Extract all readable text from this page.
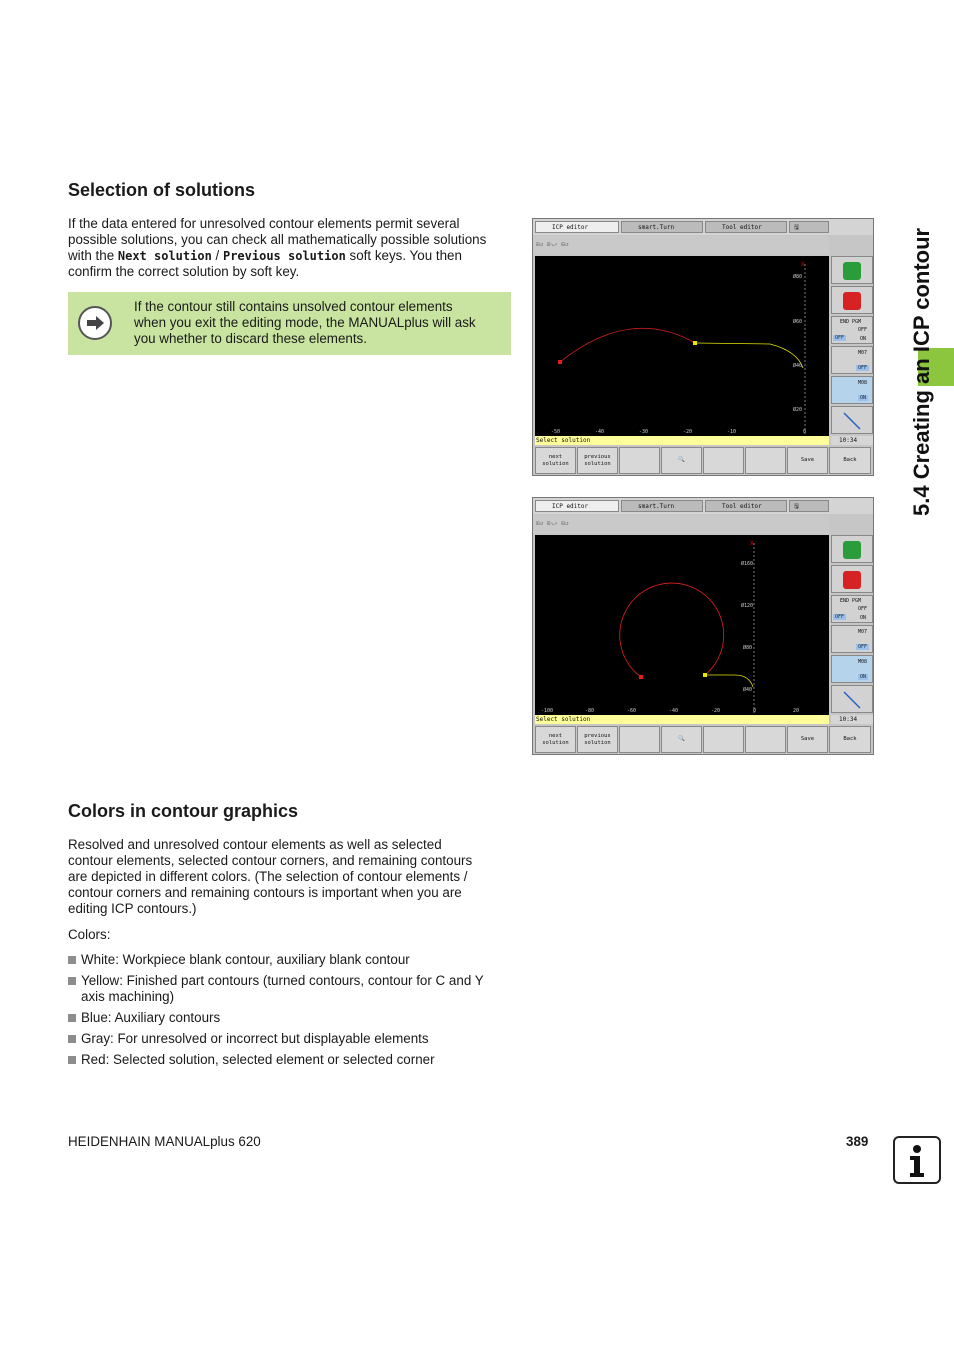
Selection of solutions
If the data entered for unresolved contour elements permit several
possible solutions, you can check all mathematically possible solutions
with the Next solution / Previous solution soft keys. You then
confirm the correct solution by soft key.
If the contour still contains unsolved contour elements
when you exit the editing mode, the MANUALplus will ask
you whether to discard these elements.
ICP editor	smart.Turn	Tool editor	🖫
⊞↺ ⊞↘↗ ⊞↺
X
Ø80
Ø60
Ø40
Ø20
-50	-40	-30	-20	-10	0
END PGM
OFF
OFF	ON
M07
OFF
M08
ON
Select solution	10:34
next solution
previous solution
🔍	Save	Back
ICP editor	smart.Turn	Tool editor	🖫
⊞↺ ⊞↘↗ ⊞↺
X
Ø160
Ø120
Ø80
Ø40
-100	-80	-60	-40	-20	0	20
END PGM
OFF
OFF	ON
M07
OFF
M08
ON
Select solution	10:34
next solution
previous solution
🔍	Save	Back
Colors in contour graphics
Resolved and unresolved contour elements as well as selected
contour elements, selected contour corners, and remaining contours
are depicted in different colors. (The selection of contour elements /
contour corners and remaining contours is important when you are
editing ICP contours.)
Colors:
White: Workpiece blank contour, auxiliary blank contour
Yellow: Finished part contours (turned contours, contour for C and Y
axis machining)
Blue: Auxiliary contours
Gray: For unresolved or incorrect but displayable elements
Red: Selected solution, selected element or selected corner
5.4 Creating an ICP contour
HEIDENHAIN MANUALplus 620	389
